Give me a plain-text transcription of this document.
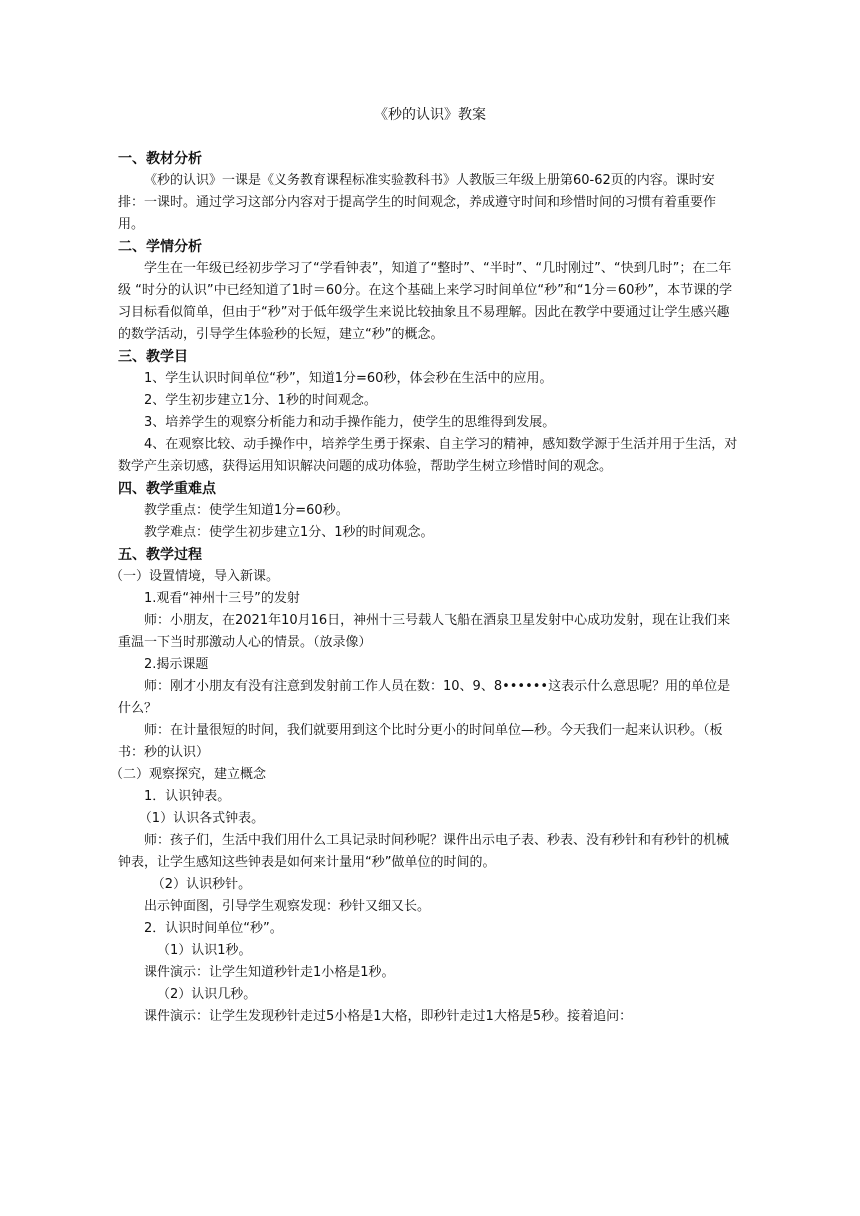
《秒的认识》教案
一、教材分析
《秒的认识》一课是《义务教育课程标准实验教科书》人教版三年级上册第60-62页的内容。课时安排：一课时。通过学习这部分内容对于提高学生的时间观念，养成遵守时间和珍惜时间的习惯有着重要作用。
二、学情分析
学生在一年级已经初步学习了“学看钟表”，知道了“整时”、“半时”、“几时刚过”、“快到几时”；在二年级 “时分的认识”中已经知道了1时＝60分。在这个基础上来学习时间单位“秒”和“1分＝60秒”，本节课的学习目标看似简单，但由于“秒”对于低年级学生来说比较抽象且不易理解。因此在教学中要通过让学生感兴趣的数学活动，引导学生体验秒的长短，建立“秒”的概念。
三、教学目
1、学生认识时间单位“秒”，知道1分=60秒，体会秒在生活中的应用。
2、学生初步建立1分、1秒的时间观念。
3、培养学生的观察分析能力和动手操作能力，使学生的思维得到发展。
4、在观察比较、动手操作中，培养学生勇于探索、自主学习的精神，感知数学源于生活并用于生活，对数学产生亲切感，获得运用知识解决问题的成功体验，帮助学生树立珍惜时间的观念。
四、教学重难点
教学重点：使学生知道1分=60秒。
教学难点：使学生初步建立1分、1秒的时间观念。
五、教学过程
（一）设置情境，导入新课。
1.观看“神州十三号”的发射
师：小朋友，在2021年10月16日，神州十三号载人飞船在酒泉卫星发射中心成功发射，现在让我们来重温一下当时那激动人心的情景。（放录像）
2.揭示课题
师：刚才小朋友有没有注意到发射前工作人员在数：10、9、8••••••这表示什么意思呢？用的单位是什么？
师：在计量很短的时间，我们就要用到这个比时分更小的时间单位—秒。今天我们一起来认识秒。（板书：秒的认识）
（二）观察探究，建立概念
1．认识钟表。
（1）认识各式钟表。
师：孩子们，生活中我们用什么工具记录时间秒呢？课件出示电子表、秒表、没有秒针和有秒针的机械钟表，让学生感知这些钟表是如何来计量用“秒”做单位的时间的。
（2）认识秒针。
出示钟面图，引导学生观察发现：秒针又细又长。
2．认识时间单位“秒”。
（1）认识1秒。
课件演示：让学生知道秒针走1小格是1秒。
（2）认识几秒。
课件演示：让学生发现秒针走过5小格是1大格，即秒针走过1大格是5秒。接着追问：
